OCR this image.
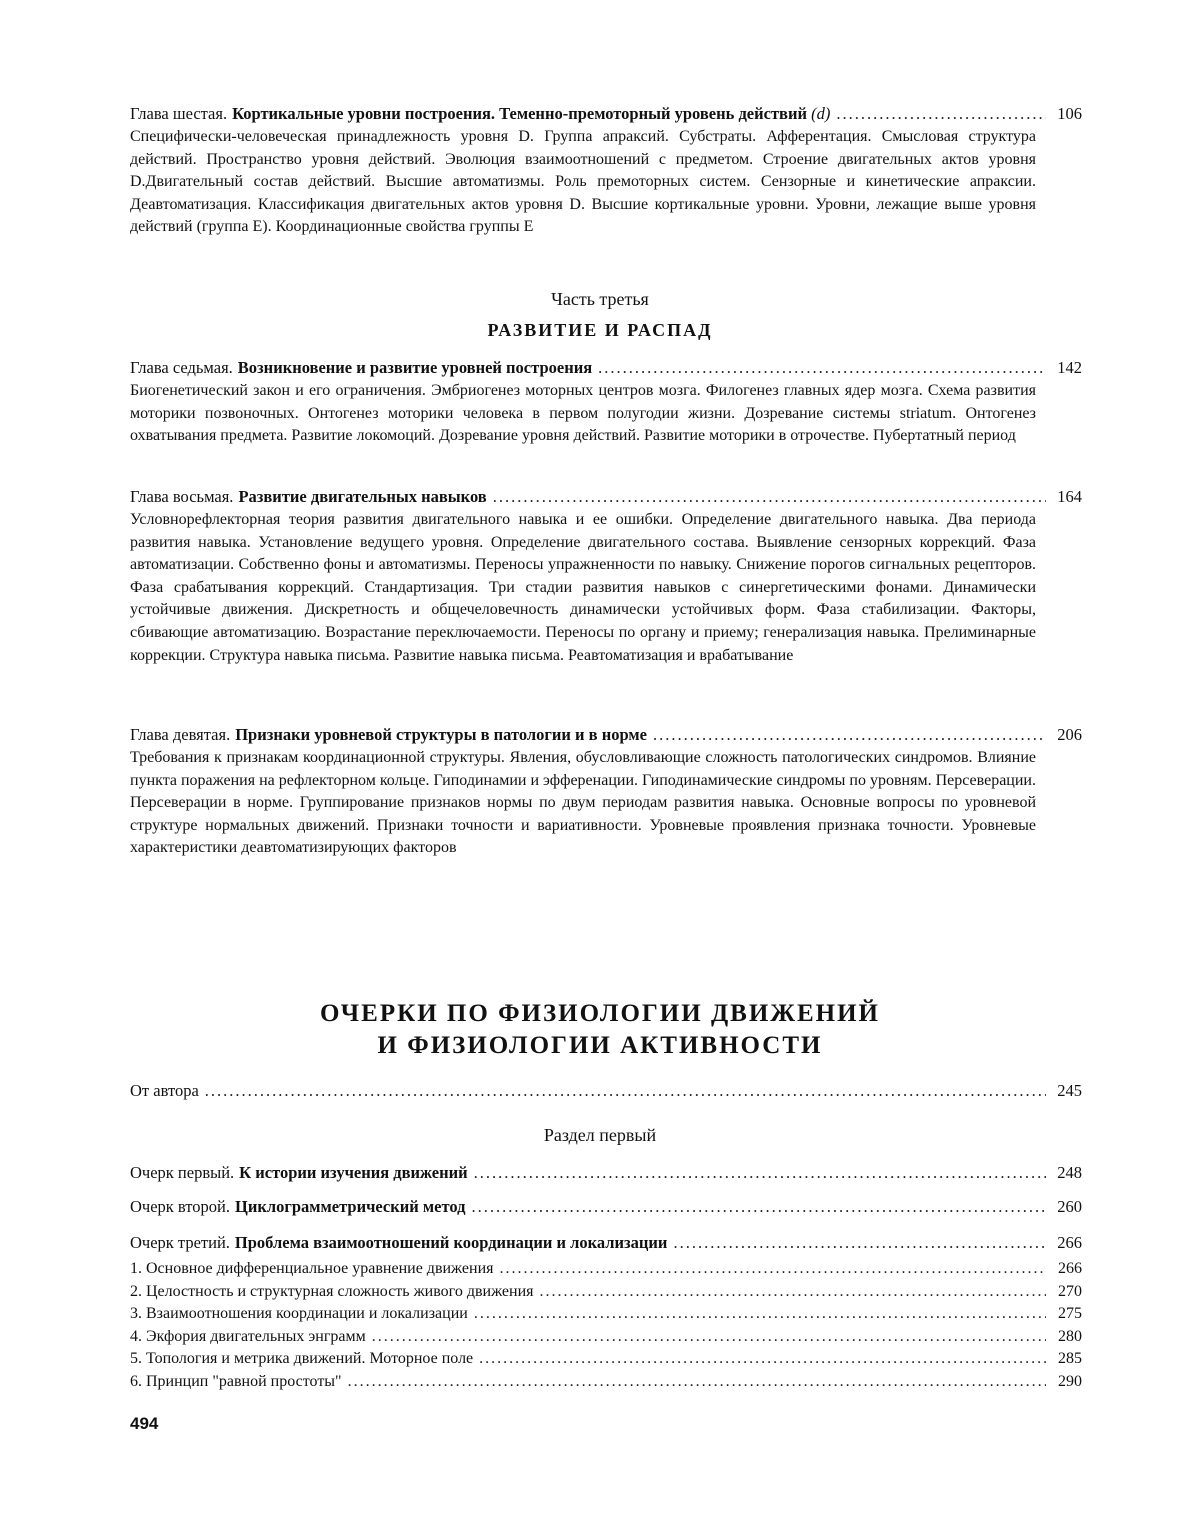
Глава шестая. Кортикальные уровни построения. Теменно-премоторный уровень действий (d) .....	106
Специфически-человеческая принадлежность уровня D. Группа апраксий. Субстраты. Афферентация. Смысловая структура действий. Пространство уровня действий. Эволюция взаимоотношений с предметом. Строение двигательных актов уровня D.Двигательный состав действий. Высшие автоматизмы. Роль премоторных систем. Сензорные и кинетические апраксии. Деавтоматизация. Классификация двигательных актов уровня D. Высшие кортикальные уровни. Уровни, лежащие выше уровня действий (группа E). Координационные свойства группы E
Часть третья
РАЗВИТИЕ И РАСПАД
Глава седьмая. Возникновение и развитие уровней построения .....	142
Биогенетический закон и его ограничения. Эмбриогенез моторных центров мозга. Филогенез главных ядер мозга. Схема развития моторики позвоночных. Онтогенез моторики человека в первом полугодии жизни. Дозревание системы striatum. Онтогенез охватывания предмета. Развитие локомоций. Дозревание уровня действий. Развитие моторики в отрочестве. Пубертатный период
Глава восьмая. Развитие двигательных навыков .....	164
Условнорефлекторная теория развития двигательного навыка и ее ошибки. Определение двигательного навыка. Два периода развития навыка. Установление ведущего уровня. Определение двигательного состава. Выявление сензорных коррекций. Фаза автоматизации. Собственно фоны и автоматизмы. Переносы упражненности по навыку. Снижение порогов сигнальных рецепторов. Фаза срабатывания коррекций. Стандартизация. Три стадии развития навыков с синергетическими фонами. Динамически устойчивые движения. Дискретность и общечеловечность динамически устойчивых форм. Фаза стабилизации. Факторы, сбивающие автоматизацию. Возрастание переключаемости. Переносы по органу и приему; генерализация навыка. Прелиминарные коррекции. Структура навыка письма. Развитие навыка письма. Реавтоматизация и врабатывание
Глава девятая. Признаки уровневой структуры в патологии и в норме .....	206
Требования к признакам координационной структуры. Явления, обусловливающие сложность патологических синдромов. Влияние пункта поражения на рефлекторном кольце. Гиподинамии и эфференации. Гиподинамические синдромы по уровням. Персеверации. Персеверации в норме. Группирование признаков нормы по двум периодам развития навыка. Основные вопросы по уровневой структуре нормальных движений. Признаки точности и вариативности. Уровневые проявления признака точности. Уровневые характеристики деавтоматизирующих факторов
ОЧЕРКИ ПО ФИЗИОЛОГИИ ДВИЖЕНИЙ
И ФИЗИОЛОГИИ АКТИВНОСТИ
От автора .....	245
Раздел первый
Очерк первый. К истории изучения движений .....	248
Очерк второй. Циклограмметрический метод .....	260
Очерк третий. Проблема взаимоотношений координации и локализации .....	266
1. Основное дифференциальное уравнение движения .....	266
2. Целостность и структурная сложность живого движения .....	270
3. Взаимоотношения координации и локализации .....	275
4. Экфория двигательных энграмм .....	280
5. Топология и метрика движений. Моторное поле .....	285
6. Принцип "равной простоты" .....	290
494
